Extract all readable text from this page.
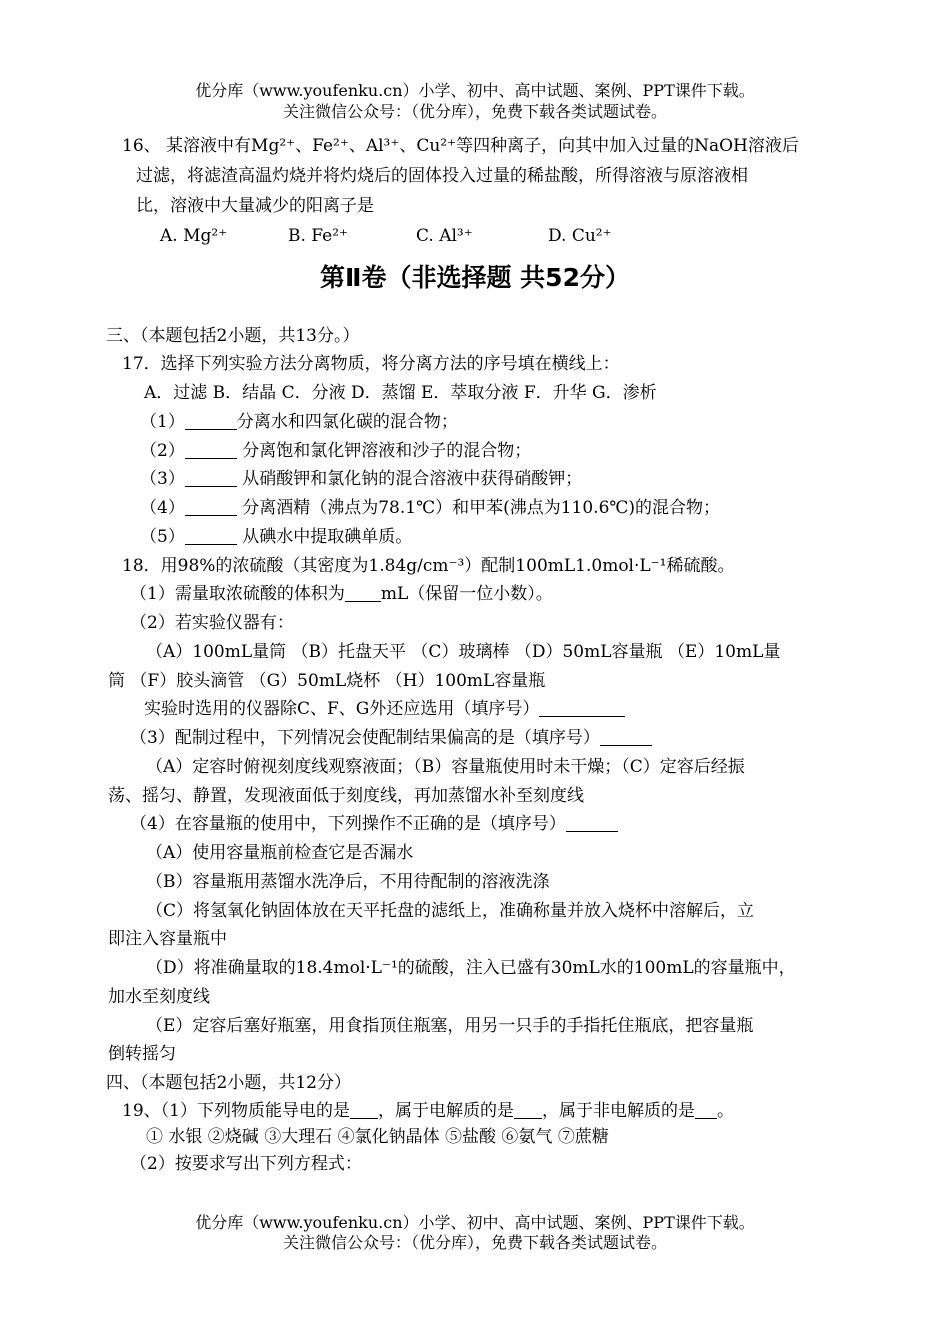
优分库（www.youfenku.cn）小学、初中、高中试题、案例、PPT课件下载。
关注微信公众号：（优分库），免费下载各类试题试卷。
16、 某溶液中有Mg²⁺、Fe²⁺、Al³⁺、Cu²⁺等四种离子，向其中加入过量的NaOH溶液后
过滤，将滤渣高温灼烧并将灼烧后的固体投入过量的稀盐酸，所得溶液与原溶液相
比，溶液中大量减少的阳离子是
A. Mg²⁺	B. Fe²⁺	C. Al³⁺	D. Cu²⁺
第Ⅱ卷（非选择题 共52分）
三、（本题包括2小题，共13分。）
17．选择下列实验方法分离物质，将分离方法的序号填在横线上：
A．过滤 B．结晶 C．分液 D．蒸馏 E．萃取分液 F．升华 G．渗析
（1）	分离水和四氯化碳的混合物；
（2）	分离饱和氯化钾溶液和沙子的混合物；
（3）	从硝酸钾和氯化钠的混合溶液中获得硝酸钾；
（4）	分离酒精（沸点为78.1℃）和甲苯(沸点为110.6℃)的混合物；
（5）	从碘水中提取碘单质。
18．用98%的浓硫酸（其密度为1.84g/cm⁻³）配制100mL1.0mol·L⁻¹稀硫酸。
（1）需量取浓硫酸的体积为 mL（保留一位小数）。
（2）若实验仪器有：
（A）100mL量筒 （B）托盘天平 （C）玻璃棒 （D）50mL容量瓶 （E）10mL量
筒 （F）胶头滴管 （G）50mL烧杯 （H）100mL容量瓶
实验时选用的仪器除C、F、G外还应选用（填序号）
（3）配制过程中，下列情况会使配制结果偏高的是（填序号）
（A）定容时俯视刻度线观察液面；（B）容量瓶使用时未干燥；（C）定容后经振
荡、摇匀、静置，发现液面低于刻度线，再加蒸馏水补至刻度线
（4）在容量瓶的使用中，下列操作不正确的是（填序号）
（A）使用容量瓶前检查它是否漏水
（B）容量瓶用蒸馏水洗净后，不用待配制的溶液洗涤
（C）将氢氧化钠固体放在天平托盘的滤纸上，准确称量并放入烧杯中溶解后，立
即注入容量瓶中
（D）将准确量取的18.4mol·L⁻¹的硫酸，注入已盛有30mL水的100mL的容量瓶中，
加水至刻度线
（E）定容后塞好瓶塞，用食指顶住瓶塞，用另一只手的手指托住瓶底，把容量瓶
倒转摇匀
四、（本题包括2小题，共12分）
19、（1）下列物质能导电的是 ，属于电解质的是 ，属于非电解质的是 。
① 水银 ②烧碱 ③大理石 ④氯化钠晶体 ⑤盐酸 ⑥氨气 ⑦蔗糖
（2）按要求写出下列方程式：
优分库（www.youfenku.cn）小学、初中、高中试题、案例、PPT课件下载。
关注微信公众号：（优分库），免费下载各类试题试卷。
